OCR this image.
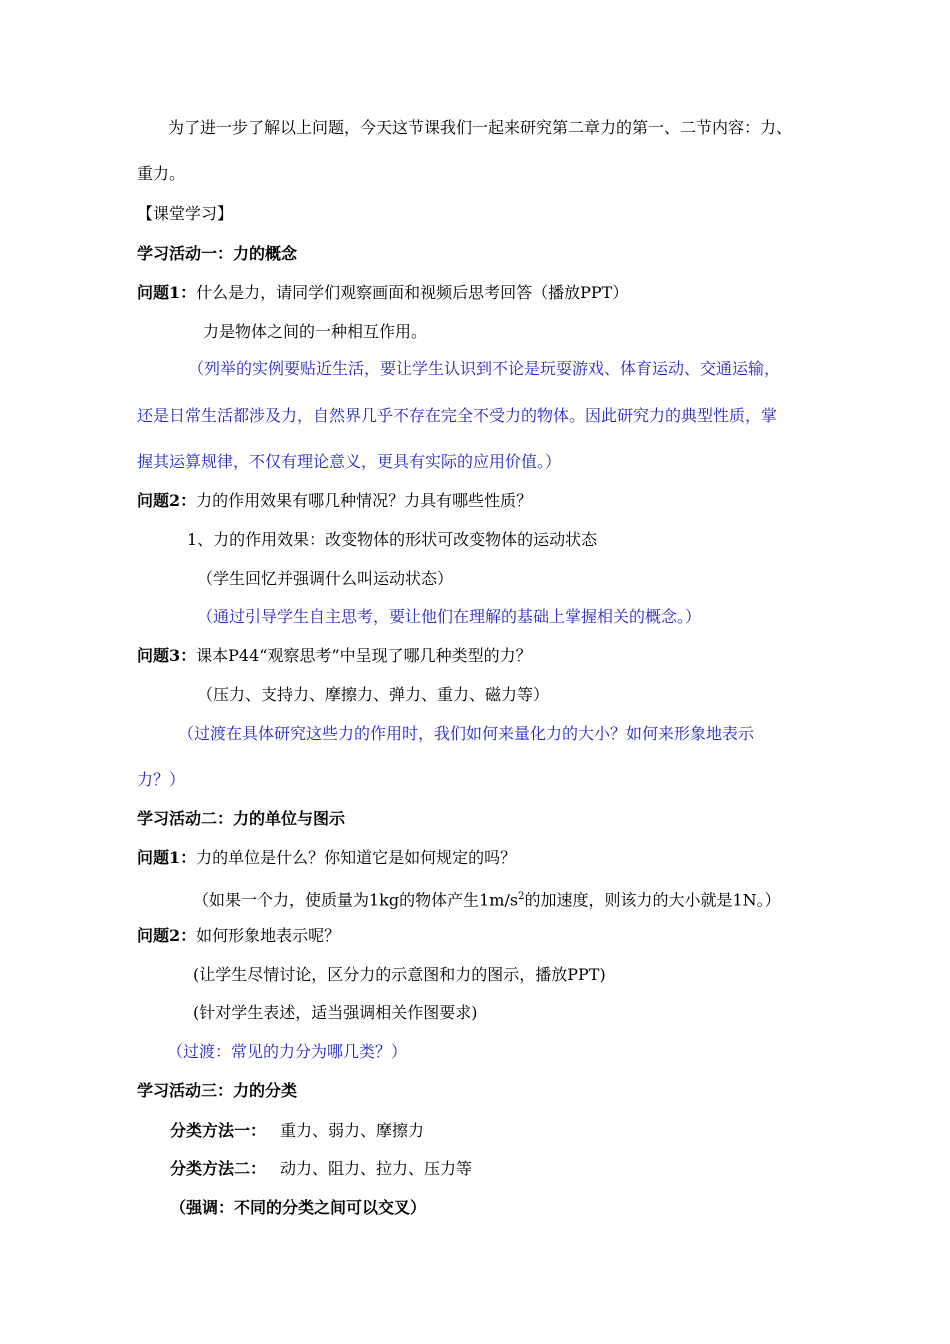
为了进一步了解以上问题，今天这节课我们一起来研究第二章力的第一、二节内容：力、
重力。
【课堂学习】
学习活动一：力的概念
问题1：什么是力，请同学们观察画面和视频后思考回答（播放PPT）
力是物体之间的一种相互作用。
（列举的实例要贴近生活，要让学生认识到不论是玩耍游戏、体育运动、交通运输，
还是日常生活都涉及力，自然界几乎不存在完全不受力的物体。因此研究力的典型性质，掌
握其运算规律，不仅有理论意义，更具有实际的应用价值。）
问题2：力的作用效果有哪几种情况？力具有哪些性质？
1、力的作用效果：改变物体的形状可改变物体的运动状态
（学生回忆并强调什么叫运动状态）
（通过引导学生自主思考，要让他们在理解的基础上掌握相关的概念。）
问题3：课本P44“观察思考”中呈现了哪几种类型的力？
（压力、支持力、摩擦力、弹力、重力、磁力等）
（过渡在具体研究这些力的作用时，我们如何来量化力的大小？如何来形象地表示
力？）
学习活动二：力的单位与图示
问题1：力的单位是什么？你知道它是如何规定的吗？
（如果一个力，使质量为1kg的物体产生$1m/s^2$的加速度，则该力的大小就是1N。）
问题2：如何形象地表示呢？
(让学生尽情讨论，区分力的示意图和力的图示，播放PPT)
(针对学生表述，适当强调相关作图要求)
（过渡：常见的力分为哪几类？）
学习活动三：力的分类
分类方法一： 重力、弱力、摩擦力
分类方法二： 动力、阻力、拉力、压力等
（强调：不同的分类之间可以交叉）
